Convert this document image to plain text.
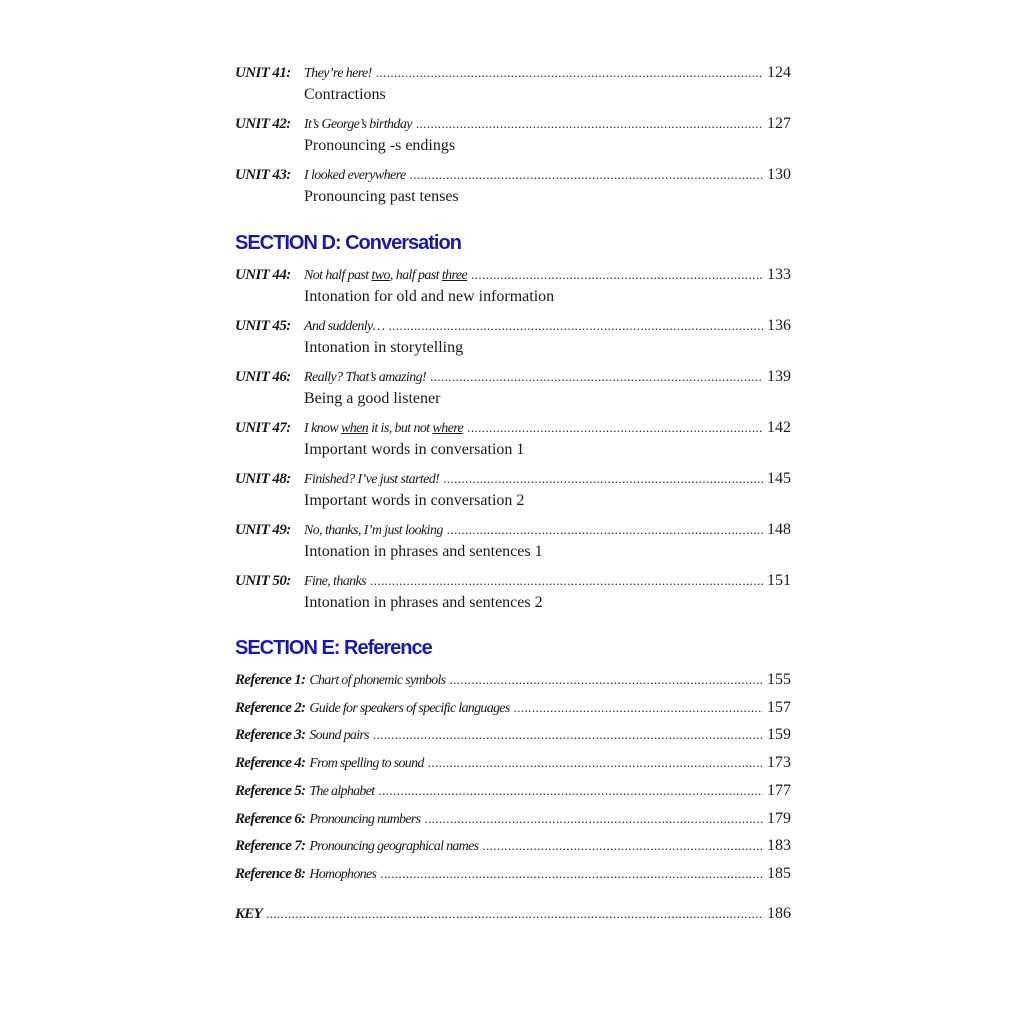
UNIT 41: They’re here! .....	124
Contractions
UNIT 42: It’s George’s birthday .....	127
Pronouncing -s endings
UNIT 43: I looked everywhere .....	130
Pronouncing past tenses
SECTION D: Conversation
UNIT 44: Not half past two, half past three .....	133
Intonation for old and new information
UNIT 45: And suddenly… .....	136
Intonation in storytelling
UNIT 46: Really? That’s amazing! .....	139
Being a good listener
UNIT 47: I know when it is, but not where .....	142
Important words in conversation 1
UNIT 48: Finished? I’ve just started! .....	145
Important words in conversation 2
UNIT 49: No, thanks, I’m just looking .....	148
Intonation in phrases and sentences 1
UNIT 50: Fine, thanks .....	151
Intonation in phrases and sentences 2
SECTION E: Reference
Reference 1: Chart of phonemic symbols .....	155
Reference 2: Guide for speakers of specific languages .....	157
Reference 3: Sound pairs .....	159
Reference 4: From spelling to sound .....	173
Reference 5: The alphabet .....	177
Reference 6: Pronouncing numbers .....	179
Reference 7: Pronouncing geographical names .....	183
Reference 8: Homophones .....	185
KEY .....	186
